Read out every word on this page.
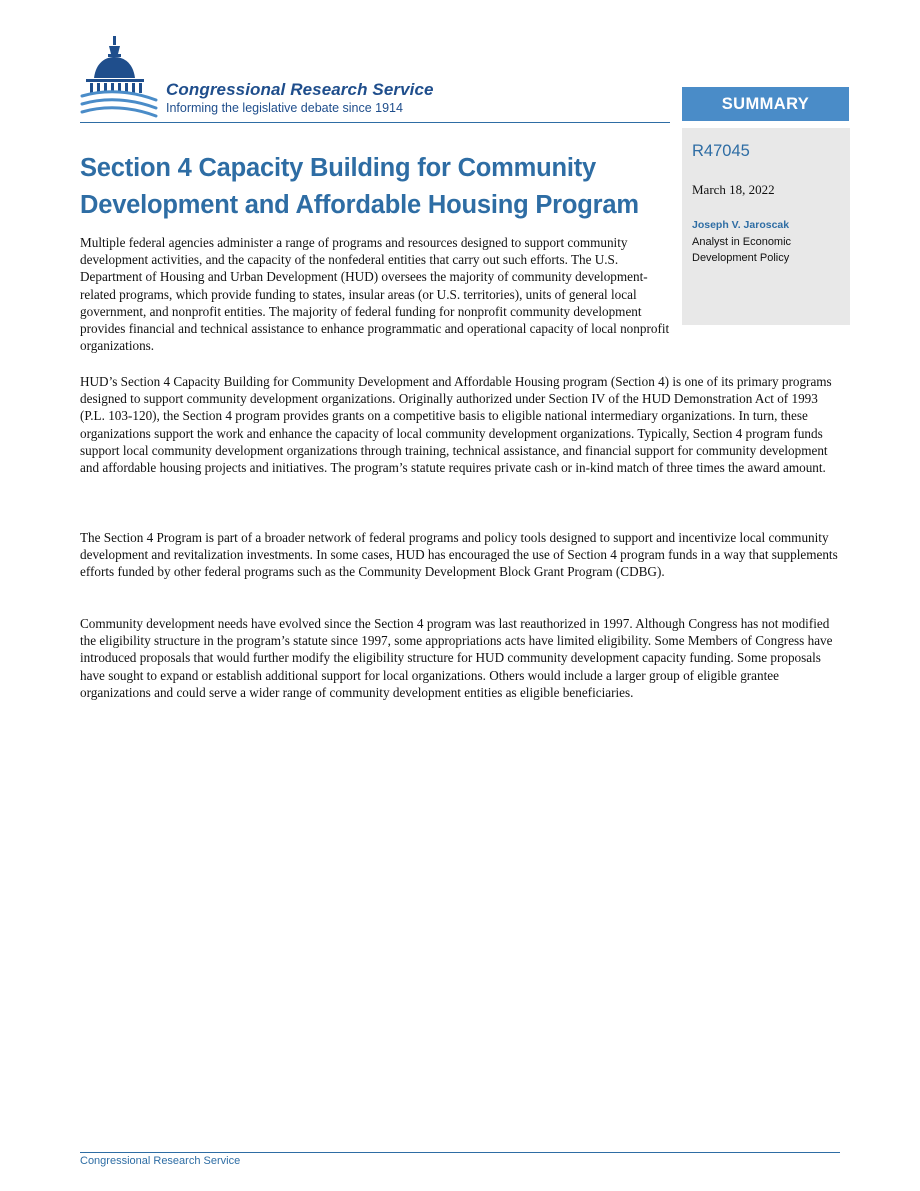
Congressional Research Service
Informing the legislative debate since 1914	SUMMARY
R47045
March 18, 2022
Joseph V. Jaroscak
Analyst in Economic Development Policy
Section 4 Capacity Building for Community Development and Affordable Housing Program

Multiple federal agencies administer a range of programs and resources designed to support community development activities, and the capacity of the nonfederal entities that carry out such efforts. The U.S. Department of Housing and Urban Development (HUD) oversees the majority of community development-related programs, which provide funding to states, insular areas (or U.S. territories), units of general local government, and nonprofit entities. The majority of federal funding for nonprofit community development provides financial and technical assistance to enhance programmatic and operational capacity of local nonprofit organizations.

HUD’s Section 4 Capacity Building for Community Development and Affordable Housing program (Section 4) is one of its primary programs designed to support community development organizations. Originally authorized under Section IV of the HUD Demonstration Act of 1993 (P.L. 103-120), the Section 4 program provides grants on a competitive basis to eligible national intermediary organizations. In turn, these organizations support the work and enhance the capacity of local community development organizations. Typically, Section 4 program funds support local community development organizations through training, technical assistance, and financial support for community development and affordable housing projects and initiatives. The program’s statute requires private cash or in-kind match of three times the award amount.

The Section 4 Program is part of a broader network of federal programs and policy tools designed to support and incentivize local community development and revitalization investments. In some cases, HUD has encouraged the use of Section 4 program funds in a way that supplements efforts funded by other federal programs such as the Community Development Block Grant Program (CDBG).

Community development needs have evolved since the Section 4 program was last reauthorized in 1997. Although Congress has not modified the eligibility structure in the program’s statute since 1997, some appropriations acts have limited eligibility. Some Members of Congress have introduced proposals that would further modify the eligibility structure for HUD community development capacity funding. Some proposals have sought to expand or establish additional support for local organizations. Others would include a larger group of eligible grantee organizations and could serve a wider range of community development entities as eligible beneficiaries.

Congressional Research Service
